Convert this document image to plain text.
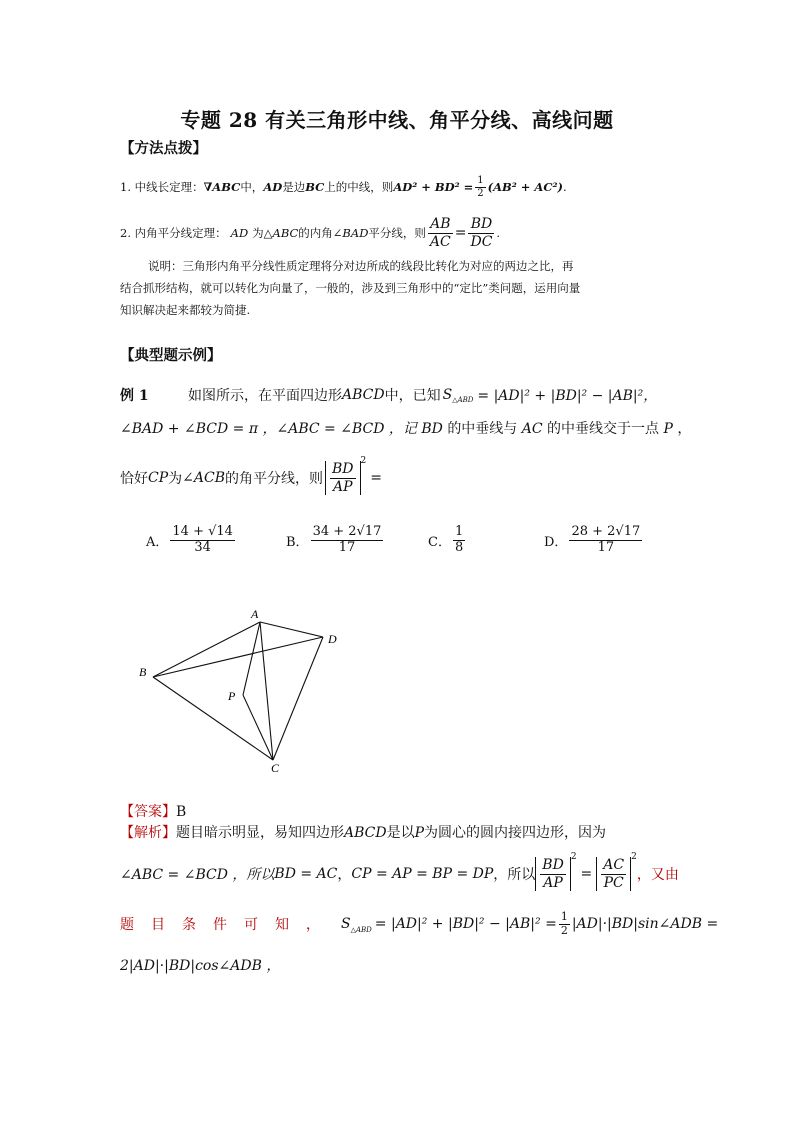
专题 28 有关三角形中线、角平分线、高线问题
【方法点拨】
1. 中线长定理： ∇ABC 中， AD 是边 BC 上的中线，则 $AD^2 + BD^2 = \frac{1}{2} (AB^2 + AC^2)$ .
2. 内角平分线定理： AD 为 △ABC 的内角 ∠BAD 平分线，则 $\frac{AB}{AC} = \frac{BD}{DC}$ .
说明：三角形内角平分线性质定理将分对边所成的线段比转化为对应的两边之比，再
结合抓形结构，就可以转化为向量了，一般的，涉及到三角形中的“定比”类问题，运用向量
知识解决起来都较为简捷.
【典型题示例】
例 1	如图所示，在平面四边形 ABCD 中，已知 S △ABD = |AD|² + |BD|² − |AB|²，
∠BAD + ∠BCD = π ，∠ABC = ∠BCD ，记 BD 的中垂线与 AC 的中垂线交于一点 P ，
恰好 CP 为 ∠ACB 的角平分线，则 $\frac{BD}{AP}$
2
=
A． $\frac{14 + √14}{34}$	B． $\frac{34 + 2√17}{17}$	C． $\frac{1}{8}$	D． $\frac{28 + 2√17}{17}$
A
D
B
P
C
【答案】B
【解析】题目暗示明显，易知四边形ABCD是以P为圆心的圆内接四边形，因为
∠ABC = ∠BCD ，所以 BD = AC ， CP = AP = BP = DP ，所以 $\frac{BD}{AP}$
2
= $\frac{AC}{PC}$
2
，又由
题目条件可知， S △ABD = $|AD|^2 + |BD|^2 - |AB|^2 = \frac{1}{2}$ |AD|·|BD|sin∠ADB =
2|AD|·|BD|cos∠ADB ，
